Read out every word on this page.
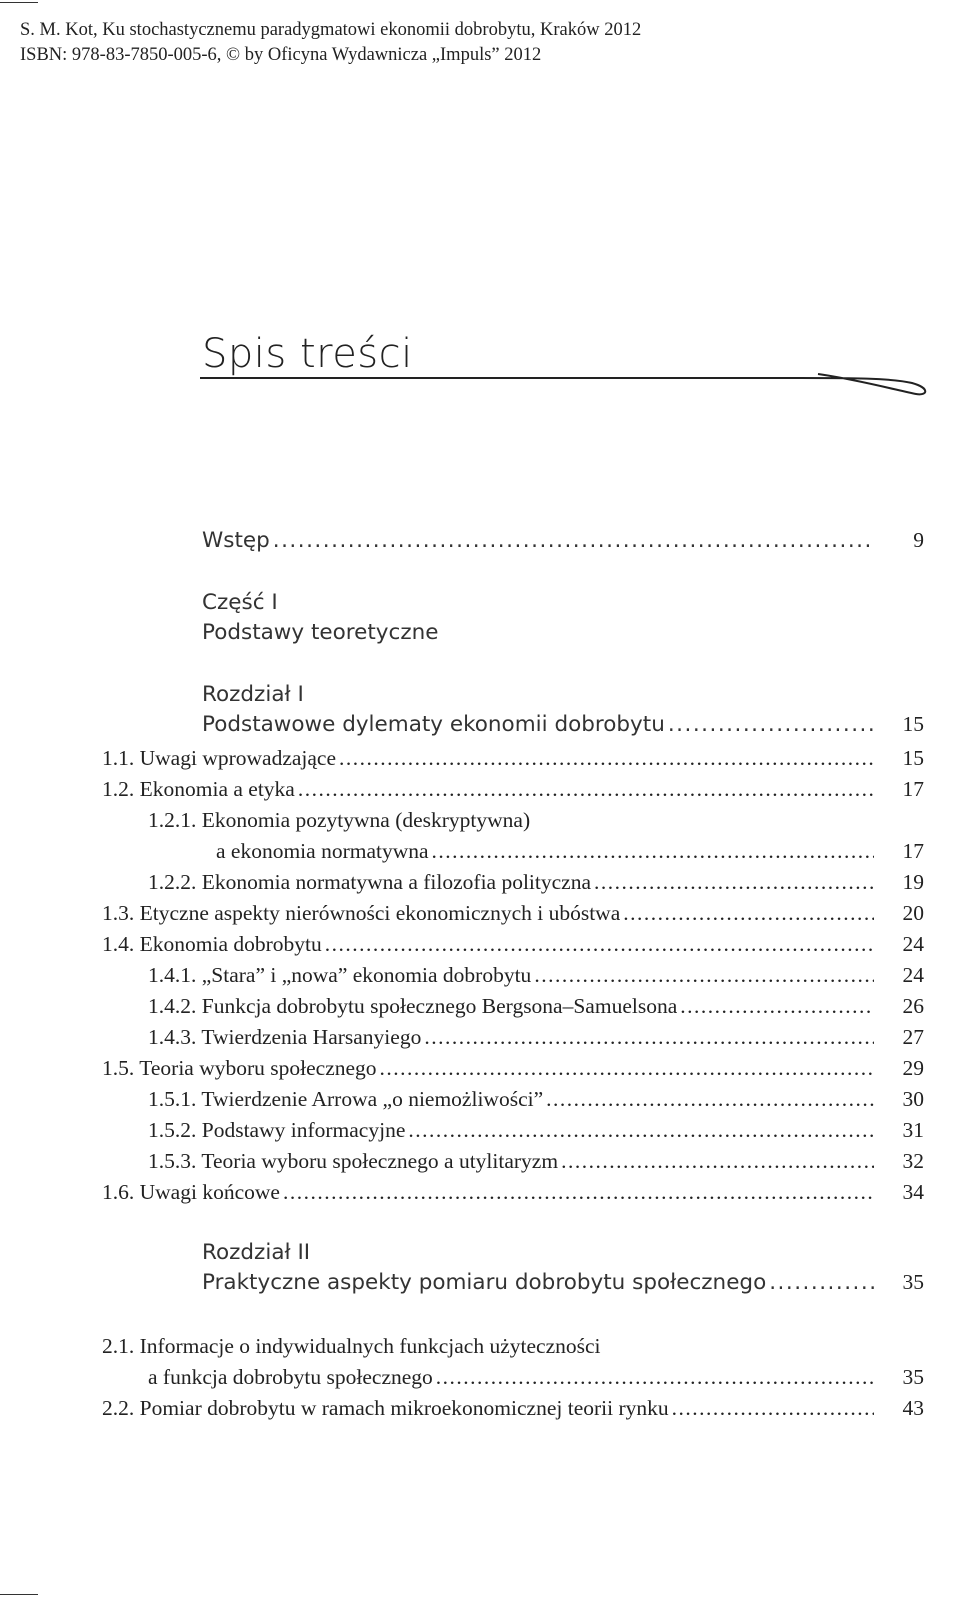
S. M. Kot, Ku stochastycznemu paradygmatowi ekonomii dobrobytu, Kraków 2012
ISBN: 978-83-7850-005-6, © by Oficyna Wydawnicza „Impuls” 2012
Spis treści
Wstęp .....	9
Część I
Podstawy teoretyczne
Rozdział I
Podstawowe dylematy ekonomii dobrobytu .....	15
1.1. Uwagi wprowadzające .....	15
1.2. Ekonomia a etyka .....	17
1.2.1. Ekonomia pozytywna (deskryptywna)
a ekonomia normatywna .....	17
1.2.2. Ekonomia normatywna a filozofia polityczna .....	19
1.3. Etyczne aspekty nierówności ekonomicznych i ubóstwa .....	20
1.4. Ekonomia dobrobytu .....	24
1.4.1. „Stara” i „nowa” ekonomia dobrobytu .....	24
1.4.2. Funkcja dobrobytu społecznego Bergsona–Samuelsona .....	26
1.4.3. Twierdzenia Harsanyiego .....	27
1.5. Teoria wyboru społecznego .....	29
1.5.1. Twierdzenie Arrowa „o niemożliwości” .....	30
1.5.2. Podstawy informacyjne .....	31
1.5.3. Teoria wyboru społecznego a utylitaryzm .....	32
1.6. Uwagi końcowe .....	34
Rozdział II
Praktyczne aspekty pomiaru dobrobytu społecznego .....	35
2.1. Informacje o indywidualnych funkcjach użyteczności
a funkcja dobrobytu społecznego .....	35
2.2. Pomiar dobrobytu w ramach mikroekonomicznej teorii rynku .....	43
